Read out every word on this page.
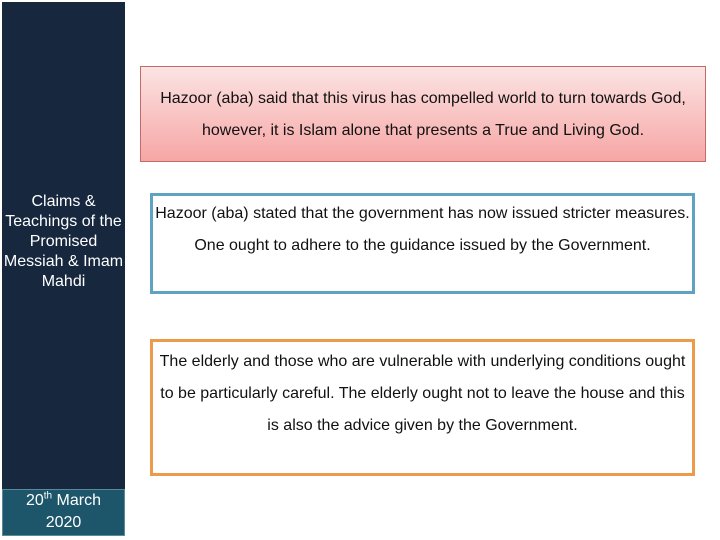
Claims & Teachings of the Promised Messiah & Imam Mahdi
20th March
2020
Hazoor (aba) said that this virus has compelled world to turn towards God, however, it is Islam alone that presents a True and Living God.
Hazoor (aba) stated that the government has now issued stricter measures. One ought to adhere to the guidance issued by the Government.
The elderly and those who are vulnerable with underlying conditions ought to be particularly careful. The elderly ought not to leave the house and this is also the advice given by the Government.
